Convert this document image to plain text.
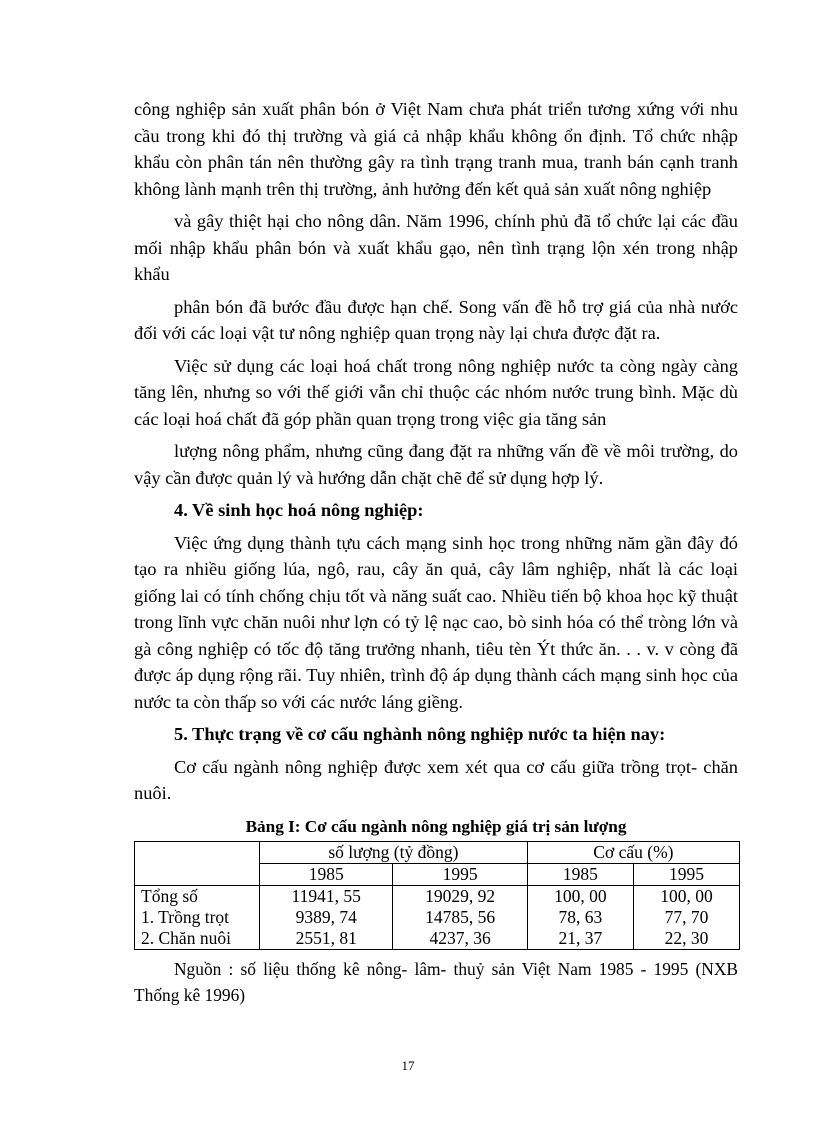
công nghiệp sản xuất phân bón ở Việt Nam chưa phát triển tương xứng với nhu cầu trong khi đó thị trường và giá cả nhập khẩu không ổn định. Tổ chức nhập khẩu còn phân tán nên thường gây ra tình trạng tranh mua, tranh bán cạnh tranh không lành mạnh trên thị trường, ảnh hưởng đến kết quả sản xuất nông nghiệp

và gây thiệt hại cho nông dân. Năm 1996, chính phủ đã tổ chức lại các đầu mối nhập khẩu phân bón và xuất khẩu gạo, nên tình trạng lộn xén trong nhập khẩu

phân bón đã bước đầu được hạn chế. Song vấn đề hỗ trợ giá của nhà nước đối với các loại vật tư nông nghiệp quan trọng này lại chưa được đặt ra.

Việc sử dụng các loại hoá chất trong nông nghiệp nước ta còng ngày càng tăng lên, nhưng so với thế giới vẫn chỉ thuộc các nhóm nước trung bình. Mặc dù các loại hoá chất đã góp phần quan trọng trong việc gia tăng sản

lượng nông phẩm, nhưng cũng đang đặt ra những vấn đề về môi trường, do vậy cần được quản lý và hướng dẫn chặt chẽ để sử dụng hợp lý.

4. Về sinh học hoá nông nghiệp:

Việc ứng dụng thành tựu cách mạng sinh học trong những năm gần đây đó tạo ra nhiều giống lúa, ngô, rau, cây ăn quả, cây lâm nghiệp, nhất là các loại giống lai có tính chống chịu tốt và năng suất cao. Nhiều tiến bộ khoa học kỹ thuật trong lĩnh vực chăn nuôi như lợn có tỷ lệ nạc cao, bò sinh hóa có thể tròng lớn và gà công nghiệp có tốc độ tăng trưởng nhanh, tiêu tèn Ýt thức ăn. . . v. v còng đã được áp dụng rộng rãi. Tuy nhiên, trình độ áp dụng thành cách mạng sinh học của nước ta còn thấp so với các nước láng giềng.

5. Thực trạng về cơ cấu nghành nông nghiệp nước ta hiện nay:

Cơ cấu ngành nông nghiệp được xem xét qua cơ cấu giữa trồng trọt- chăn nuôi.

Bảng I: Cơ cấu ngành nông nghiệp giá trị sản lượng
	số lượng (tỷ đồng)		Cơ cấu (%)	
	1985	1995	1985	1995
Tổng số	11941, 55	19029, 92	100, 00	100, 00
1. Trồng trọt	9389, 74	14785, 56	78, 63	77, 70
2. Chăn nuôi	2551, 81	4237, 36	21, 37	22, 30

Nguồn : số liệu thống kê nông- lâm- thuỷ sản Việt Nam 1985 - 1995 (NXB Thống kê 1996)

17
